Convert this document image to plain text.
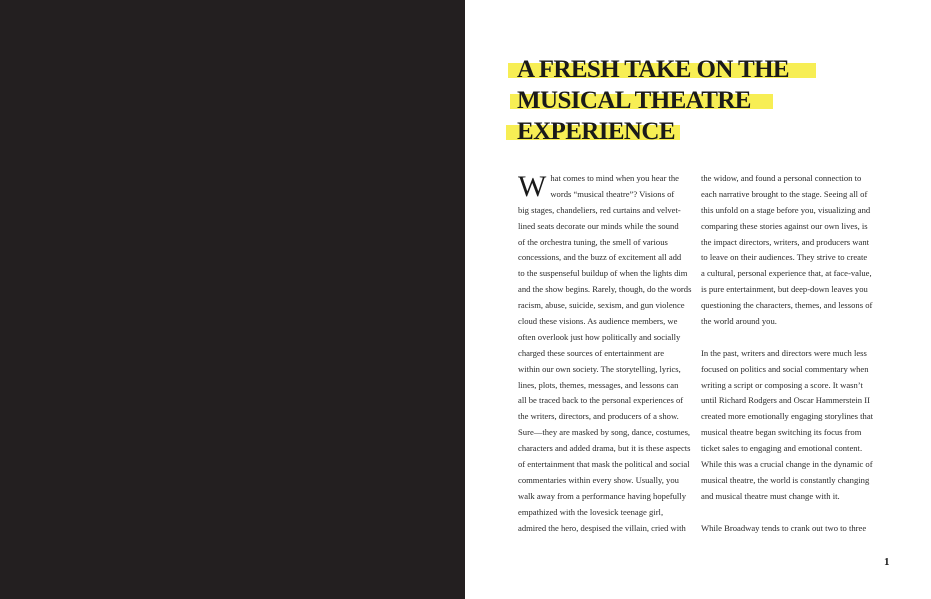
A FRESH TAKE ON THE
MUSICAL THEATRE
EXPERIENCE
W hat comes to mind when you hear the
words “musical theatre”? Visions of
big stages, chandeliers, red curtains and velvet-
lined seats decorate our minds while the sound
of the orchestra tuning, the smell of various
concessions, and the buzz of excitement all add
to the suspenseful buildup of when the lights dim
and the show begins. Rarely, though, do the words
racism, abuse, suicide, sexism, and gun violence
cloud these visions. As audience members, we
often overlook just how politically and socially
charged these sources of entertainment are
within our own society. The storytelling, lyrics,
lines, plots, themes, messages, and lessons can
all be traced back to the personal experiences of
the writers, directors, and producers of a show.
Sure—they are masked by song, dance, costumes,
characters and added drama, but it is these aspects
of entertainment that mask the political and social
commentaries within every show. Usually, you
walk away from a performance having hopefully
empathized with the lovesick teenage girl,
admired the hero, despised the villain, cried with
the widow, and found a personal connection to
each narrative brought to the stage. Seeing all of
this unfold on a stage before you, visualizing and
comparing these stories against our own lives, is
the impact directors, writers, and producers want
to leave on their audiences. They strive to create
a cultural, personal experience that, at face-value,
is pure entertainment, but deep-down leaves you
questioning the characters, themes, and lessons of
the world around you.
In the past, writers and directors were much less
focused on politics and social commentary when
writing a script or composing a score. It wasn’t
until Richard Rodgers and Oscar Hammerstein II
created more emotionally engaging storylines that
musical theatre began switching its focus from
ticket sales to engaging and emotional content.
While this was a crucial change in the dynamic of
musical theatre, the world is constantly changing
and musical theatre must change with it.
While Broadway tends to crank out two to three
1
